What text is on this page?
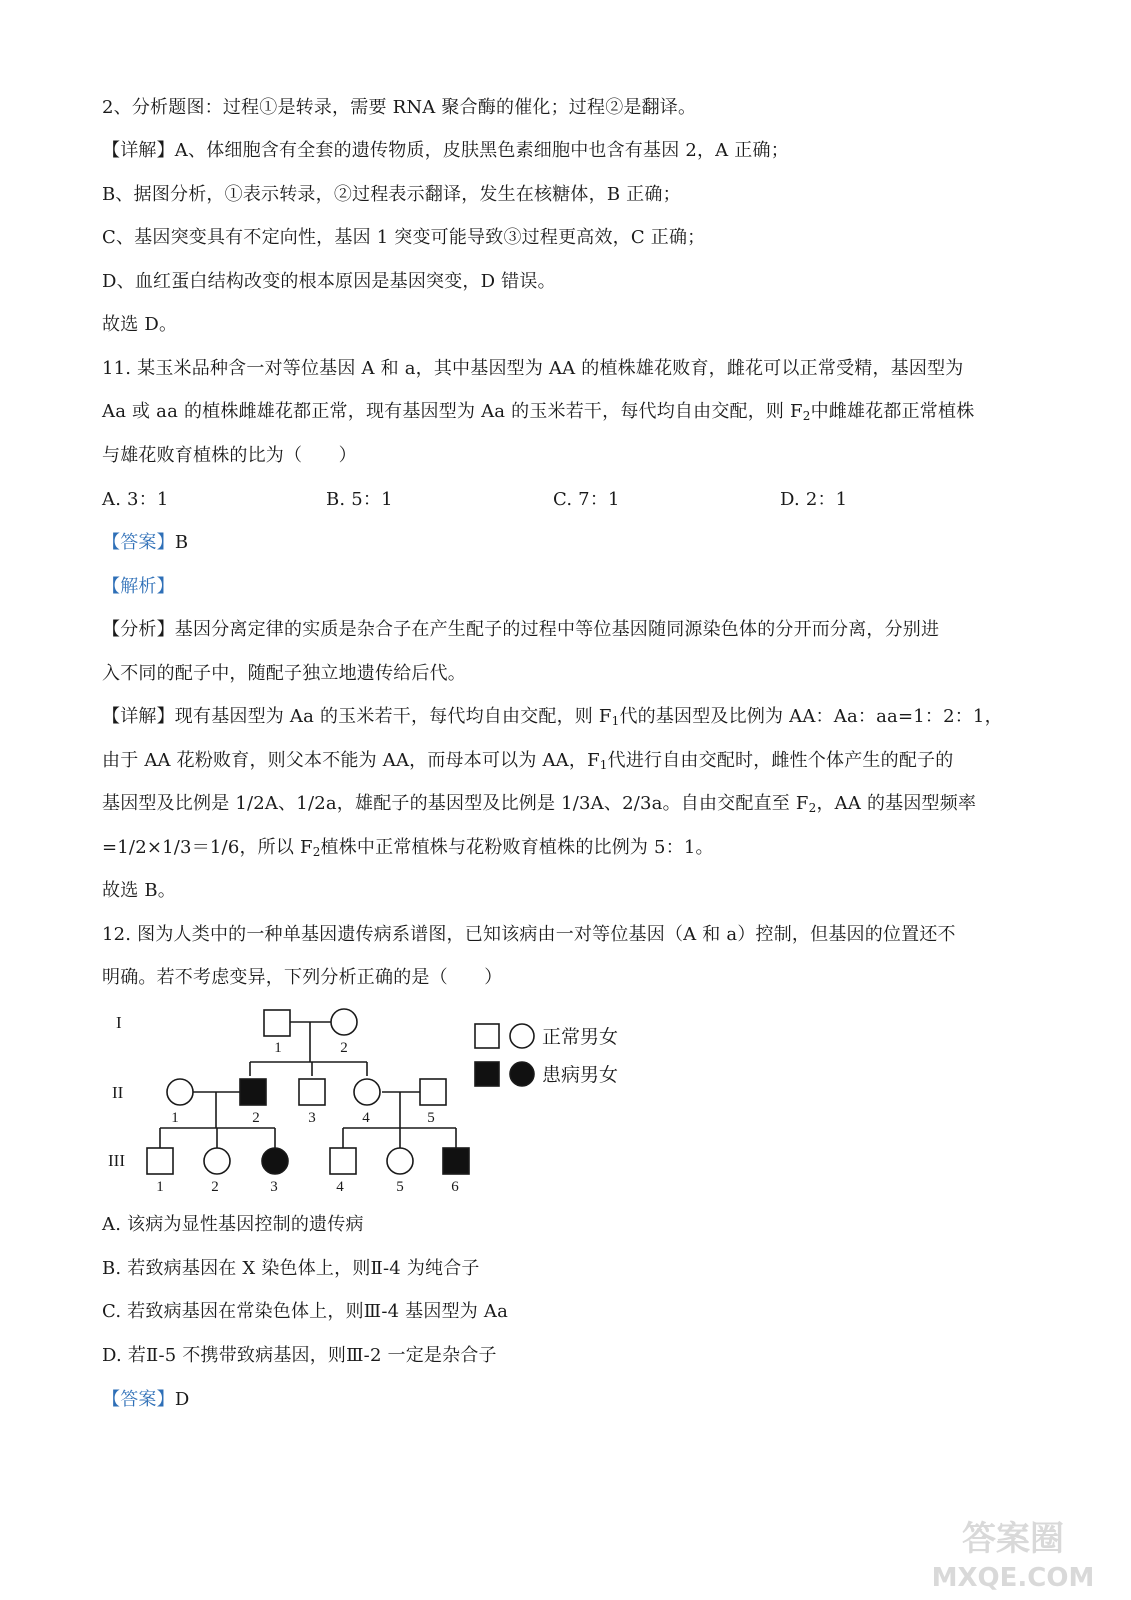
2、分析题图：过程①是转录，需要 RNA 聚合酶的催化；过程②是翻译。
【详解】A、体细胞含有全套的遗传物质，皮肤黑色素细胞中也含有基因 2，A 正确；
B、据图分析，①表示转录，②过程表示翻译，发生在核糖体，B 正确；
C、基因突变具有不定向性，基因 1 突变可能导致③过程更高效，C 正确；
D、血红蛋白结构改变的根本原因是基因突变，D 错误。
故选 D。
11. 某玉米品种含一对等位基因 A 和 a，其中基因型为 AA 的植株雄花败育，雌花可以正常受精，基因型为
Aa 或 aa 的植株雌雄花都正常，现有基因型为 Aa 的玉米若干，每代均自由交配，则 $F_2$中雌雄花都正常植株
与雄花败育植株的比为（　　）
A. 3：1	B. 5：1	C. 7：1	D. 2：1
【答案】B
【解析】
【分析】基因分离定律的实质是杂合子在产生配子的过程中等位基因随同源染色体的分开而分离，分别进
入不同的配子中，随配子独立地遗传给后代。
【详解】现有基因型为 Aa 的玉米若干，每代均自由交配，则 $F_1$代的基因型及比例为 AA：Aa：aa=1：2：1，
由于 AA 花粉败育，则父本不能为 AA，而母本可以为 AA，$F_1$代进行自由交配时，雌性个体产生的配子的
基因型及比例是 1/2A、1/2a，雄配子的基因型及比例是 1/3A、2/3a。自由交配直至 $F_2$，AA 的基因型频率
=1/2×1/3＝1/6，所以 $F_2$植株中正常植株与花粉败育植株的比例为 5：1。
故选 B。
12. 图为人类中的一种单基因遗传病系谱图，已知该病由一对等位基因（A 和 a）控制，但基因的位置还不
明确。若不考虑变异，下列分析正确的是（　　）
I
II
III
1	2
1	2	3	4	5
1	2	3	4	5	6
正常男女
患病男女
A. 该病为显性基因控制的遗传病
B. 若致病基因在 X 染色体上，则Ⅱ-4 为纯合子
C. 若致病基因在常染色体上，则Ⅲ-4 基因型为 Aa
D. 若Ⅱ-5 不携带致病基因，则Ⅲ-2 一定是杂合子
【答案】D
答案圈
MXQE.COM
